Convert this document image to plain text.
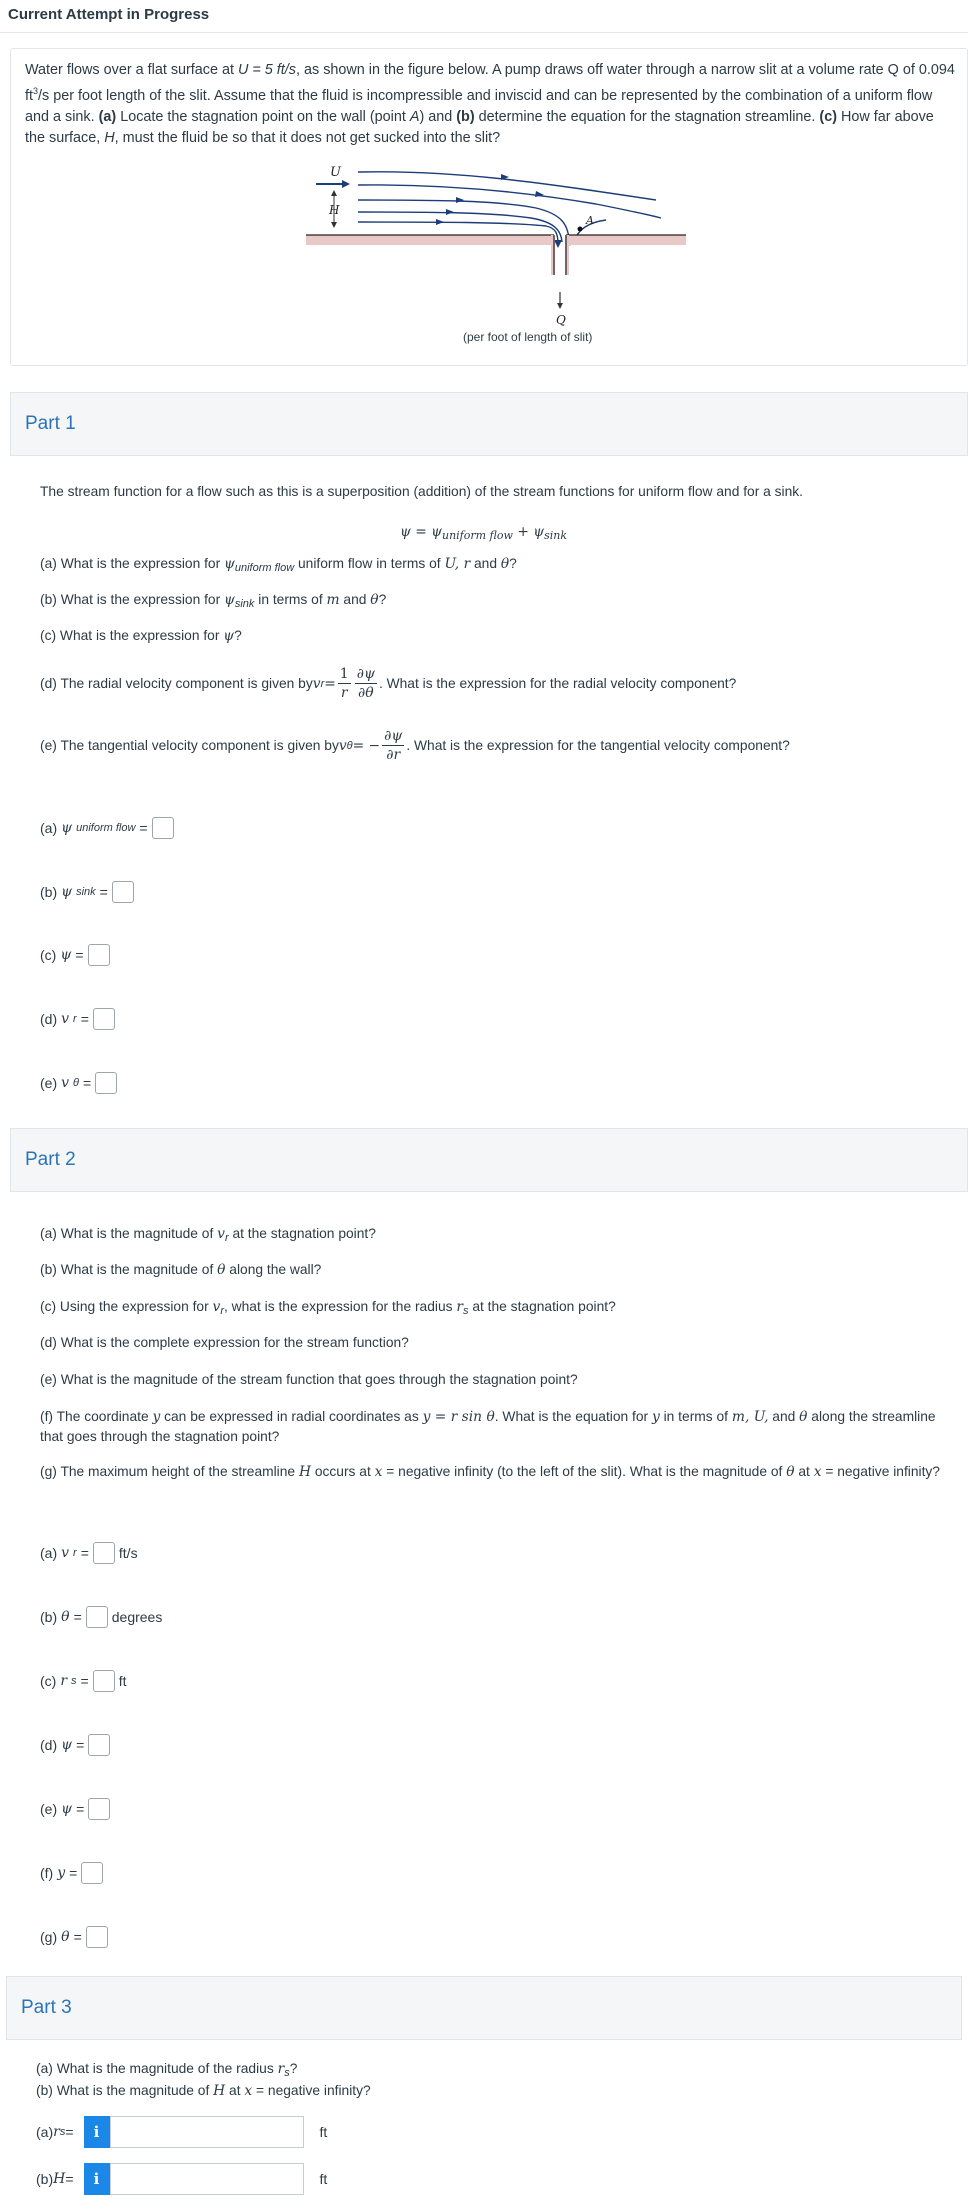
Current Attempt in Progress
Water flows over a flat surface at U = 5 ft/s, as shown in the figure below. A pump draws off water through a narrow slit at a volume rate Q of 0.094 $ft^3/s$ per foot length of the slit. Assume that the fluid is incompressible and inviscid and can be represented by the combination of a uniform flow and a sink. (a) Locate the stagnation point on the wall (point A) and (b) determine the equation for the stagnation streamline. (c) How far above the surface, H, must the fluid be so that it does not get sucked into the slit?
U
H
A
Q
(per foot of length of slit)
Part 1
The stream function for a flow such as this is a superposition (addition) of the stream functions for uniform flow and for a sink.
$\psi = \psi_{uniform flow} + \psi_{sink}$
(a) What is the expression for $\psi_{uniform flow}$ uniform flow in terms of U, r and θ?
(b) What is the expression for $\psi_{sink}$ in terms of m and θ?
(c) What is the expression for ψ?
(d) The radial velocity component is given by v $r = \frac{1}{r} \frac{\partial\psi}{\partial\theta}$ . What is the expression for the radial velocity component?
(e) The tangential velocity component is given by v θ = − $\frac{\partial\psi}{\partial r}$ . What is the expression for the tangential velocity component?
(a) ψ uniform flow =
(b) ψ sink =
(c) ψ =
(d) v r =
(e) v θ =
Part 2
(a) What is the magnitude of $v_r$ at the stagnation point?
(b) What is the magnitude of θ along the wall?
(c) Using the expression for $v_r$, what is the expression for the radius $r_s$ at the stagnation point?
(d) What is the complete expression for the stream function?
(e) What is the magnitude of the stream function that goes through the stagnation point?
(f) The coordinate y can be expressed in radial coordinates as y = r sin θ. What is the equation for y in terms of m, U, and θ along the streamline that goes through the stagnation point?
(g) The maximum height of the streamline H occurs at x = negative infinity (to the left of the slit). What is the magnitude of θ at x = negative infinity?
(a) v r = ft/s
(b) θ = degrees
(c) r s = ft
(d) ψ =
(e) ψ =
(f) y =
(g) θ =
Part 3
(a) What is the magnitude of the radius $r_s$?
(b) What is the magnitude of H at x = negative infinity?
(a) r s =	i	ft
(b) H =	i	ft
